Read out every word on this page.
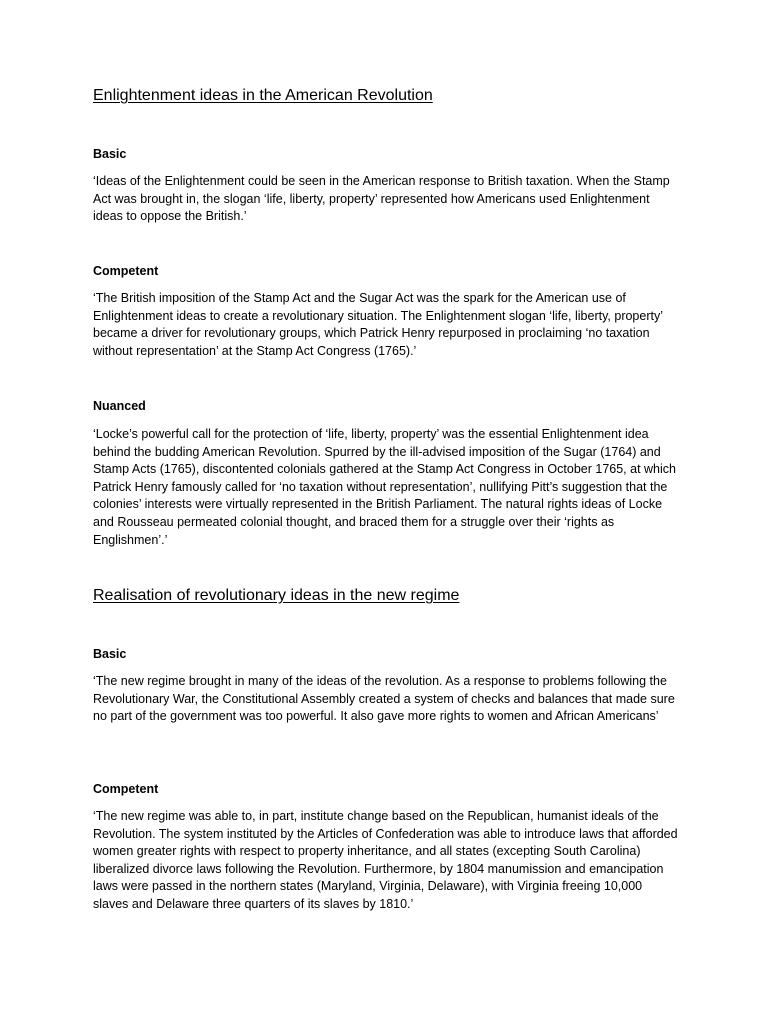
Enlightenment ideas in the American Revolution
Basic

‘Ideas of the Enlightenment could be seen in the American response to British taxation. When the Stamp Act was brought in, the slogan ‘life, liberty, property’ represented how Americans used Enlightenment ideas to oppose the British.’

Competent

‘The British imposition of the Stamp Act and the Sugar Act was the spark for the American use of Enlightenment ideas to create a revolutionary situation. The Enlightenment slogan ‘life, liberty, property’ became a driver for revolutionary groups, which Patrick Henry repurposed in proclaiming ‘no taxation without representation’ at the Stamp Act Congress (1765).’

Nuanced

‘Locke’s powerful call for the protection of ‘life, liberty, property’ was the essential Enlightenment idea behind the budding American Revolution. Spurred by the ill-advised imposition of the Sugar (1764) and Stamp Acts (1765), discontented colonials gathered at the Stamp Act Congress in October 1765, at which Patrick Henry famously called for ‘no taxation without representation’, nullifying Pitt’s suggestion that the colonies’ interests were virtually represented in the British Parliament. The natural rights ideas of Locke and Rousseau permeated colonial thought, and braced them for a struggle over their ‘rights as Englishmen’.’

Realisation of revolutionary ideas in the new regime
Basic

‘The new regime brought in many of the ideas of the revolution. As a response to problems following the Revolutionary War, the Constitutional Assembly created a system of checks and balances that made sure no part of the government was too powerful. It also gave more rights to women and African Americans’

Competent

‘The new regime was able to, in part, institute change based on the Republican, humanist ideals of the Revolution. The system instituted by the Articles of Confederation was able to introduce laws that afforded women greater rights with respect to property inheritance, and all states (excepting South Carolina) liberalized divorce laws following the Revolution. Furthermore, by 1804 manumission and emancipation laws were passed in the northern states (Maryland, Virginia, Delaware), with Virginia freeing 10,000 slaves and Delaware three quarters of its slaves by 1810.’
